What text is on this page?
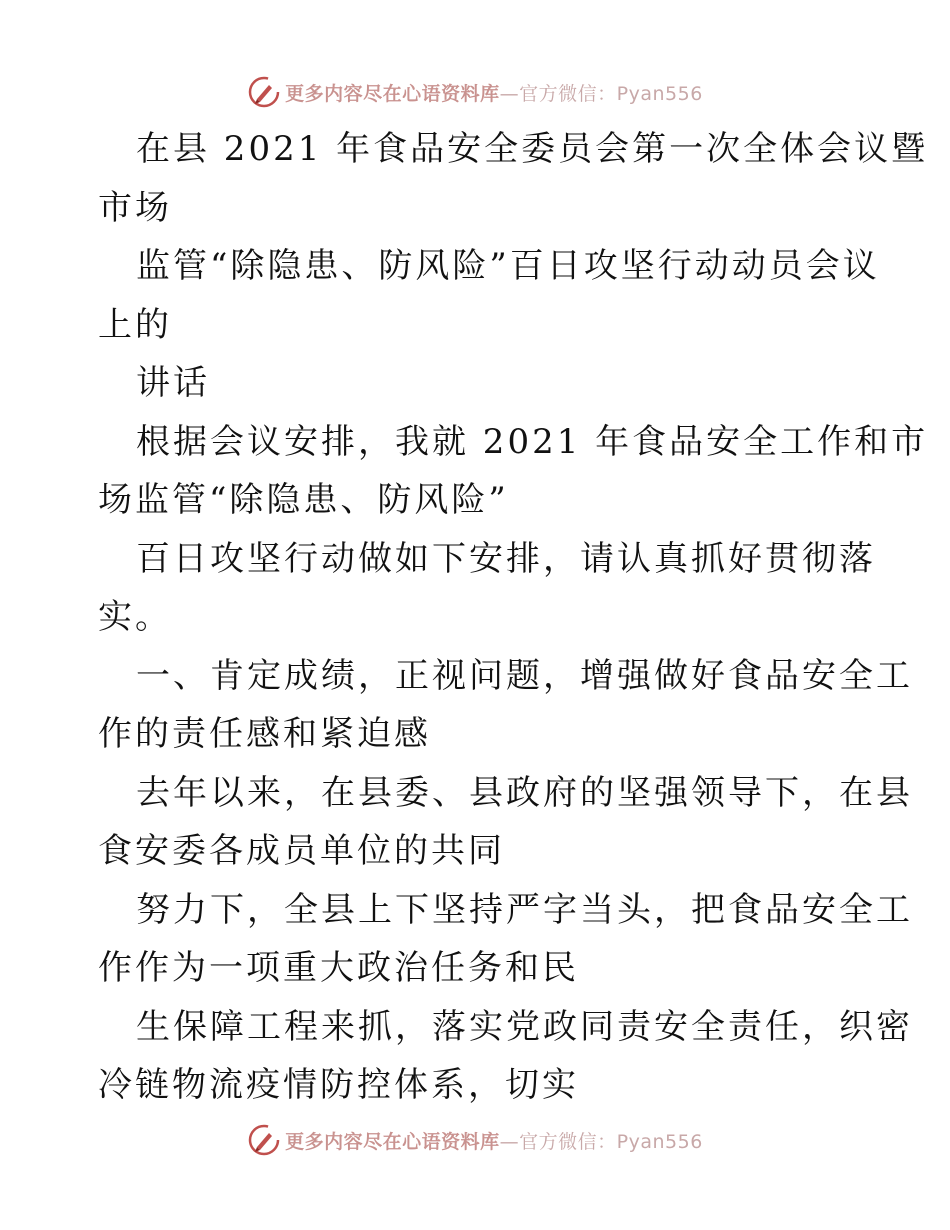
更多内容尽在心语资料库—官方微信：Pyan556
在县 2021 年食品安全委员会第一次全体会议暨
市场
监管“除隐患、防风险”百日攻坚行动动员会议
上的
讲话
根据会议安排，我就 2021 年食品安全工作和市
场监管“除隐患、防风险”
百日攻坚行动做如下安排，请认真抓好贯彻落
实。
一、肯定成绩，正视问题，增强做好食品安全工
作的责任感和紧迫感
去年以来，在县委、县政府的坚强领导下，在县
食安委各成员单位的共同
努力下，全县上下坚持严字当头，把食品安全工
作作为一项重大政治任务和民
生保障工程来抓，落实党政同责安全责任，织密
冷链物流疫情防控体系，切实
更多内容尽在心语资料库—官方微信：Pyan556
